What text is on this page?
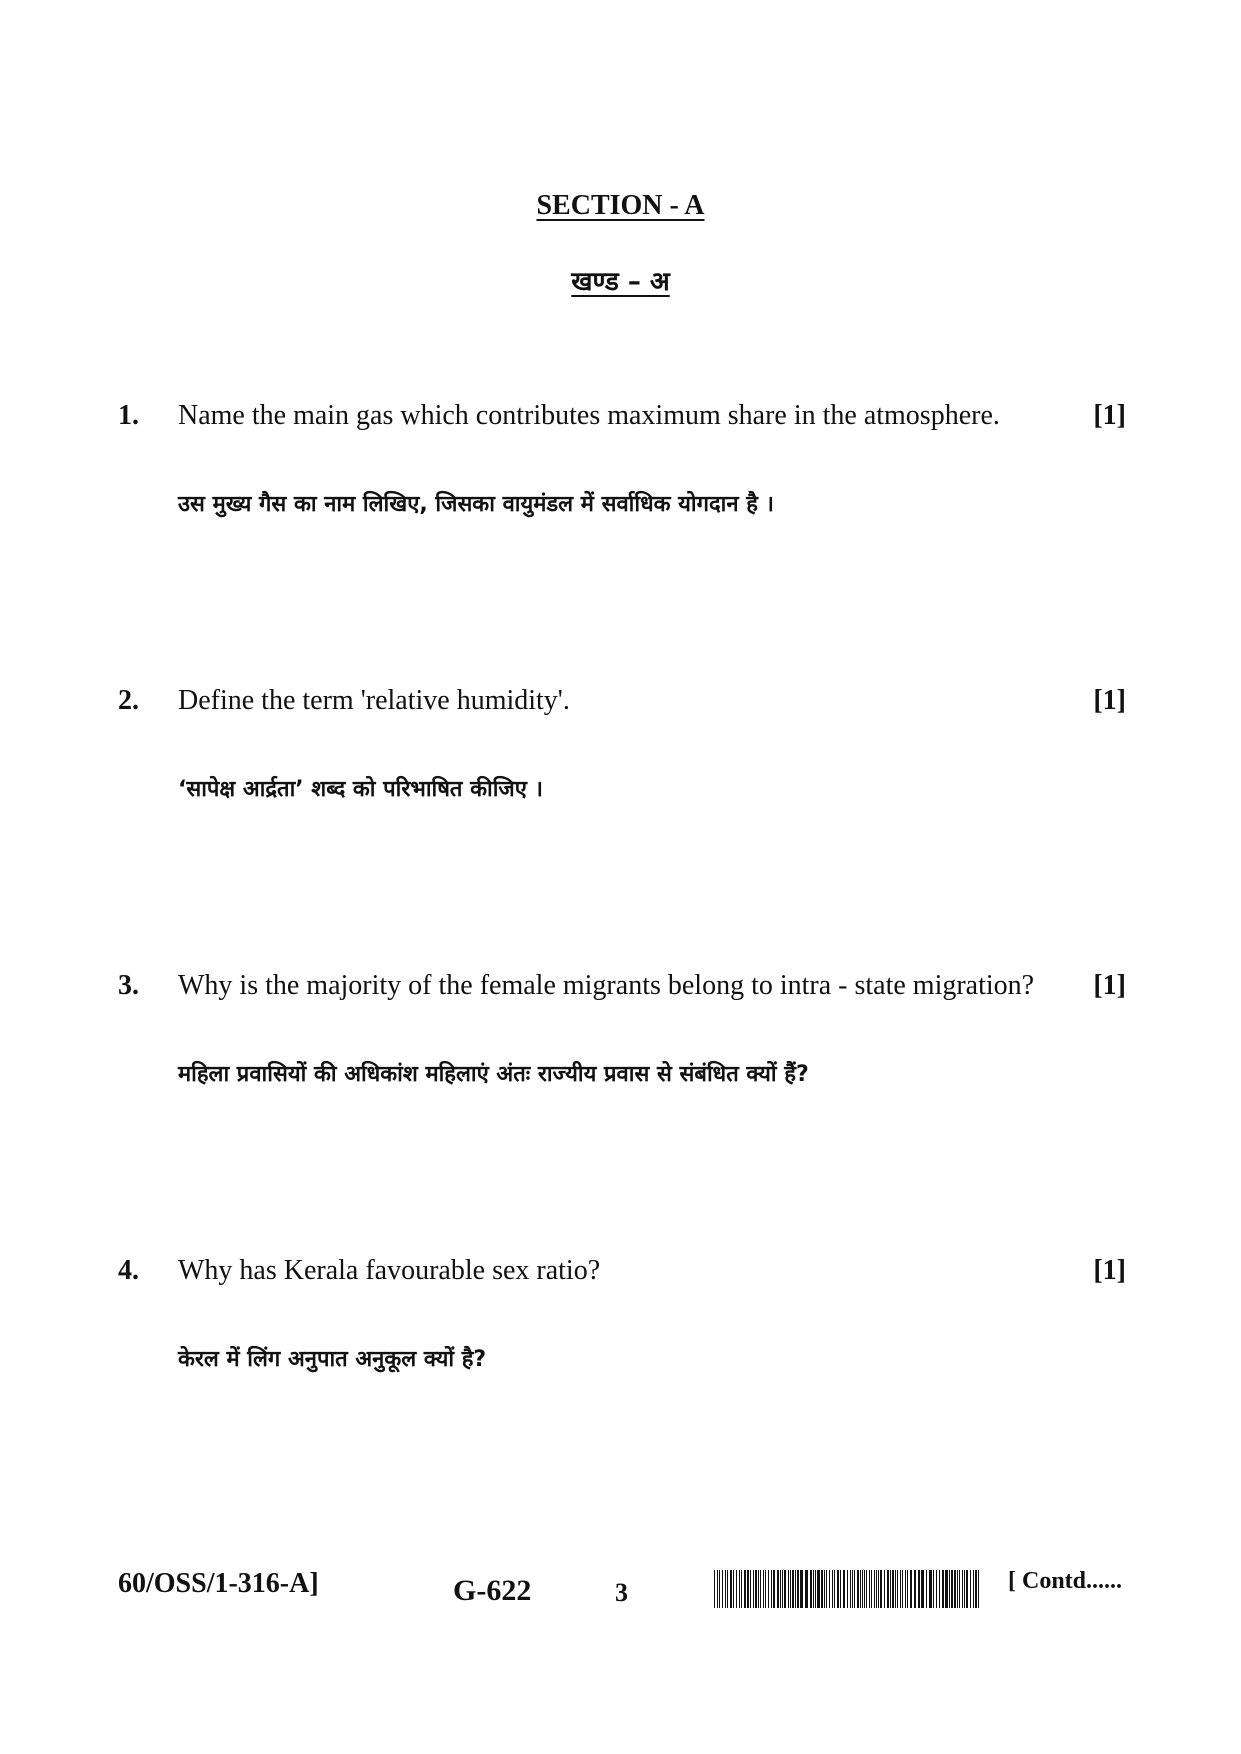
SECTION - A
खण्ड – अ
1. Name the main gas which contributes maximum share in the atmosphere.	[1]
उस मुख्य गैस का नाम लिखिए, जिसका वायुमंडल में सर्वाधिक योगदान है ।
2. Define the term 'relative humidity'.	[1]
‘सापेक्ष आर्द्रता’ शब्द को परिभाषित कीजिए ।
3. Why is the majority of the female migrants belong to intra - state migration? [1]
महिला प्रवासियों की अधिकांश महिलाएं अंतः राज्यीय प्रवास से संबंधित क्यों हैं?
4. Why has Kerala favourable sex ratio?	[1]
केरल में लिंग अनुपात अनुकूल क्यों है?
60/OSS/1-316-A]	G-622	3	[ Contd......
